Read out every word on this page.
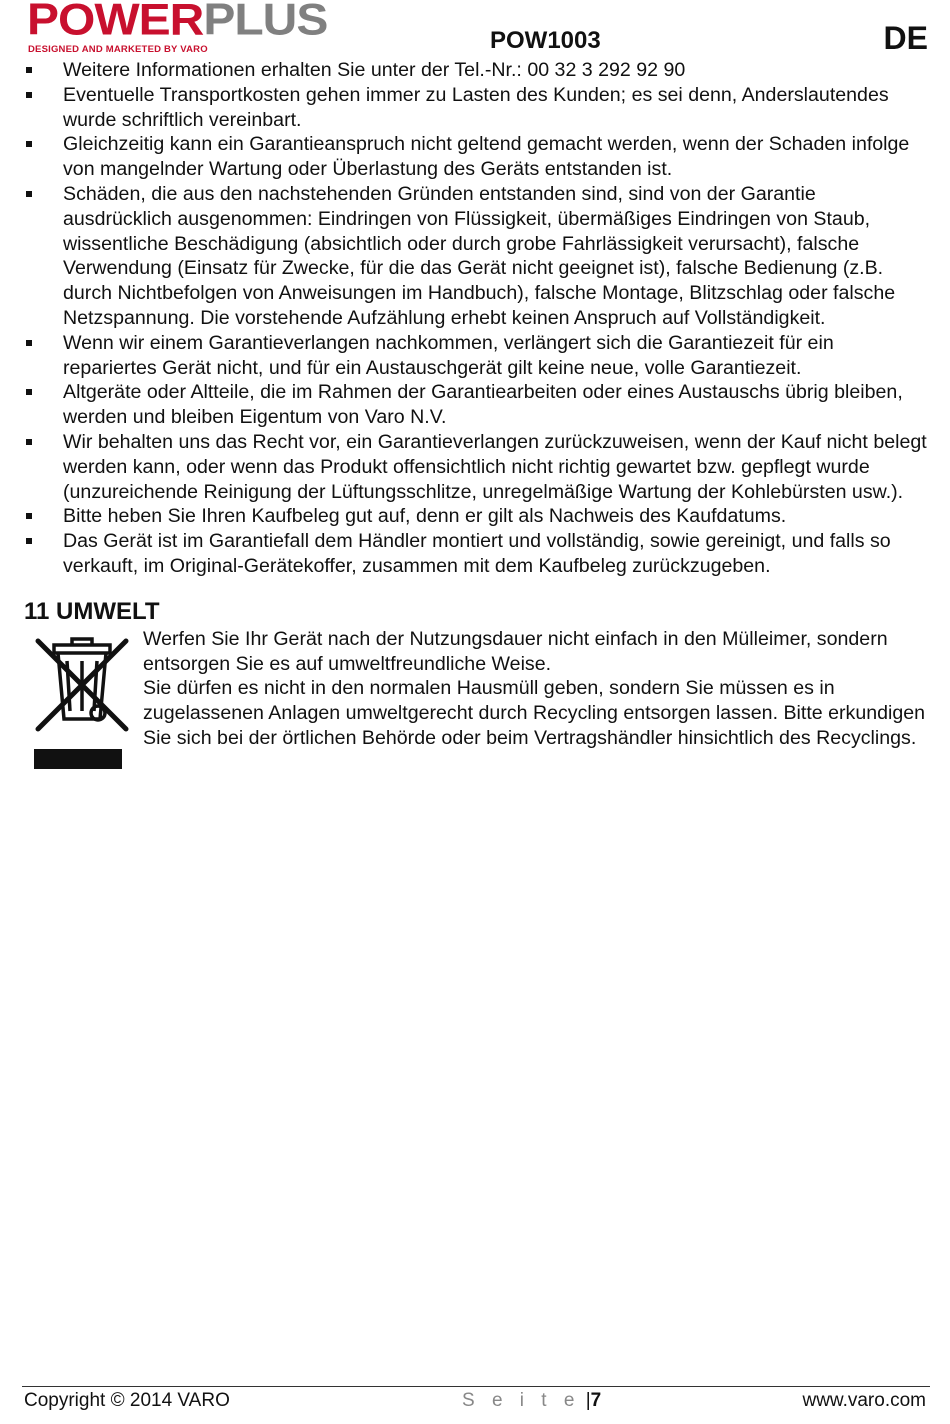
POWERPLUS
DESIGNED AND MARKETED BY VARO	POW1003	DE
Weitere Informationen erhalten Sie unter der Tel.-Nr.: 00 32 3 292 92 90
Eventuelle Transportkosten gehen immer zu Lasten des Kunden; es sei denn, Anderslautendes wurde schriftlich vereinbart.
Gleichzeitig kann ein Garantieanspruch nicht geltend gemacht werden, wenn der Schaden infolge von mangelnder Wartung oder Überlastung des Geräts entstanden ist.
Schäden, die aus den nachstehenden Gründen entstanden sind, sind von der Garantie ausdrücklich ausgenommen: Eindringen von Flüssigkeit, übermäßiges Eindringen von Staub, wissentliche Beschädigung (absichtlich oder durch grobe Fahrlässigkeit verursacht), falsche Verwendung (Einsatz für Zwecke, für die das Gerät nicht geeignet ist), falsche Bedienung (z.B. durch Nichtbefolgen von Anweisungen im Handbuch), falsche Montage, Blitzschlag oder falsche Netzspannung. Die vorstehende Aufzählung erhebt keinen Anspruch auf Vollständigkeit.
Wenn wir einem Garantieverlangen nachkommen, verlängert sich die Garantiezeit für ein repariertes Gerät nicht, und für ein Austauschgerät gilt keine neue, volle Garantiezeit.
Altgeräte oder Altteile, die im Rahmen der Garantiearbeiten oder eines Austauschs übrig bleiben, werden und bleiben Eigentum von Varo N.V.
Wir behalten uns das Recht vor, ein Garantieverlangen zurückzuweisen, wenn der Kauf nicht belegt werden kann, oder wenn das Produkt offensichtlich nicht richtig gewartet bzw. gepflegt wurde (unzureichende Reinigung der Lüftungsschlitze, unregelmäßige Wartung der Kohlebürsten usw.).
Bitte heben Sie Ihren Kaufbeleg gut auf, denn er gilt als Nachweis des Kaufdatums.
Das Gerät ist im Garantiefall dem Händler montiert und vollständig, sowie gereinigt, und falls so verkauft, im Original-Gerätekoffer, zusammen mit dem Kaufbeleg zurückzugeben.
11 UMWELT

Werfen Sie Ihr Gerät nach der Nutzungsdauer nicht einfach in den Mülleimer, sondern entsorgen Sie es auf umweltfreundliche Weise.

Sie dürfen es nicht in den normalen Hausmüll geben, sondern Sie müssen es in zugelassenen Anlagen umweltgerecht durch Recycling entsorgen lassen. Bitte erkundigen Sie sich bei der örtlichen Behörde oder beim Vertragshändler hinsichtlich des Recyclings.

Copyright © 2014 VARO	S e i t e |7	www.varo.com
